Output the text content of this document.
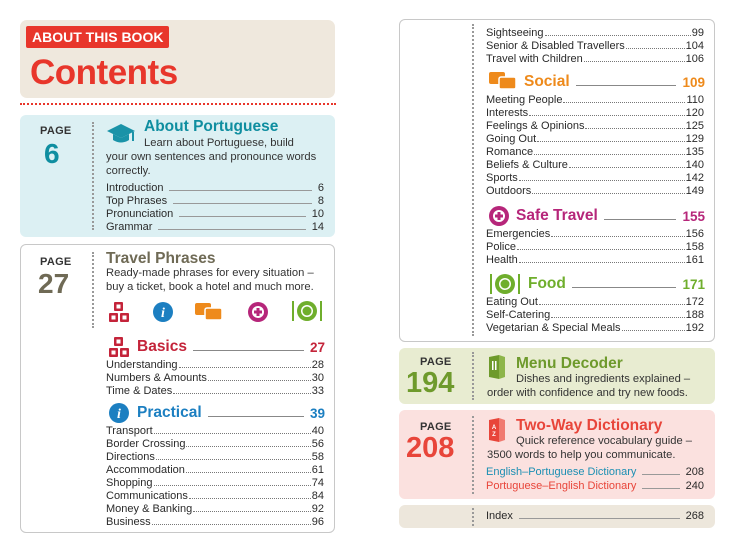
ABOUT THIS BOOK
Contents
PAGE
6
About Portuguese
Learn about Portuguese, build
your own sentences and pronounce words
correctly.
Introduction	6
Top Phrases	8
Pronunciation	10
Grammar	14
PAGE
27
Travel Phrases
Ready-made phrases for every situation –
buy a ticket, book a hotel and much more.
i
Basics	27
Understanding	28
Numbers & Amounts	30
Time & Dates	33
i Practical	39
Transport	40
Border Crossing	56
Directions	58
Accommodation	61
Shopping	74
Communications	84
Money & Banking	92
Business	96
Sightseeing	99
Senior & Disabled Travellers	104
Travel with Children	106
Social	109
Meeting People	110
Interests	120
Feelings & Opinions	125
Going Out	129
Romance	135
Beliefs & Culture	140
Sports	142
Outdoors	149
Safe Travel	155
Emergencies	156
Police	158
Health	161
Food	171
Eating Out	172
Self-Catering	188
Vegetarian & Special Meals	192
PAGE
194
Menu Decoder
Dishes and ingredients explained –
order with confidence and try new foods.
PAGE
208
A
Z
Two-Way Dictionary
Quick reference vocabulary guide –
3500 words to help you communicate.
English–Portuguese Dictionary	208
Portuguese–English Dictionary	240
Index	268
